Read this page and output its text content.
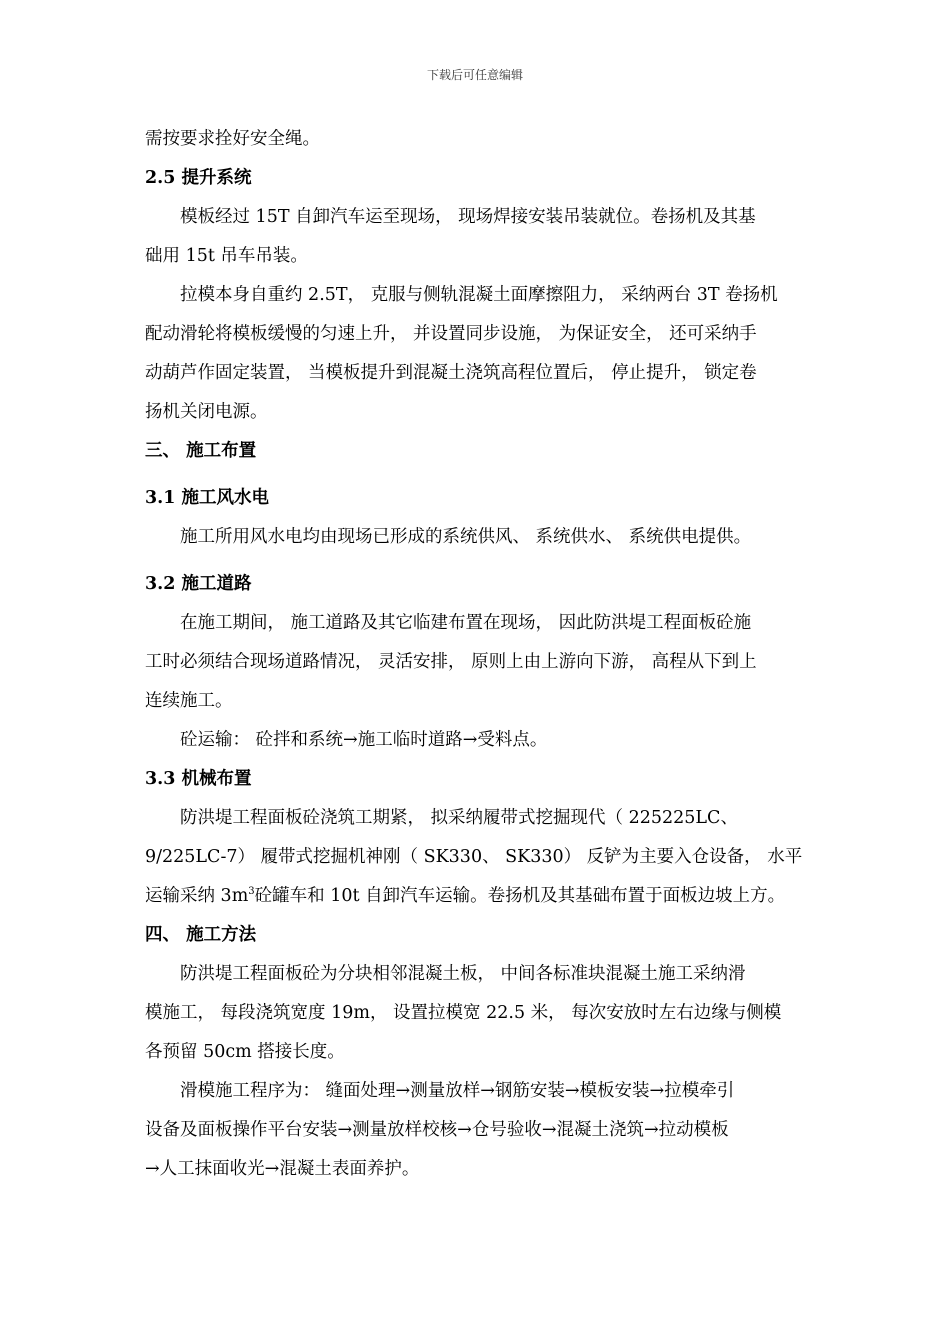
下载后可任意编辑
需按要求拴好安全绳。
2.5 提升系统
模板经过 15T 自卸汽车运至现场， 现场焊接安装吊装就位。卷扬机及其基
础用 15t 吊车吊装。
拉模本身自重约 2.5T， 克服与侧轨混凝土面摩擦阻力， 采纳两台 3T 卷扬机
配动滑轮将模板缓慢的匀速上升， 并设置同步设施， 为保证安全， 还可采纳手
动葫芦作固定装置， 当模板提升到混凝土浇筑高程位置后， 停止提升， 锁定卷
扬机关闭电源。
三、 施工布置
3.1 施工风水电
施工所用风水电均由现场已形成的系统供风、 系统供水、 系统供电提供。
3.2 施工道路
在施工期间， 施工道路及其它临建布置在现场， 因此防洪堤工程面板砼施
工时必须结合现场道路情况， 灵活安排， 原则上由上游向下游， 高程从下到上
连续施工。
砼运输： 砼拌和系统→施工临时道路→受料点。
3.3 机械布置
防洪堤工程面板砼浇筑工期紧， 拟采纳履带式挖掘现代（ 225225LC、
9/225LC-7） 履带式挖掘机神刚（ SK330、 SK330） 反铲为主要入仓设备， 水平
运输采纳 $3m^3$砼罐车和 10t 自卸汽车运输。卷扬机及其基础布置于面板边坡上方。
四、 施工方法
防洪堤工程面板砼为分块相邻混凝土板， 中间各标准块混凝土施工采纳滑
模施工， 每段浇筑宽度 19m， 设置拉模宽 22.5 米， 每次安放时左右边缘与侧模
各预留 50cm 搭接长度。
滑模施工程序为： 缝面处理→测量放样→钢筋安装→模板安装→拉模牵引
设备及面板操作平台安装→测量放样校核→仓号验收→混凝土浇筑→拉动模板
→人工抹面收光→混凝土表面养护。
